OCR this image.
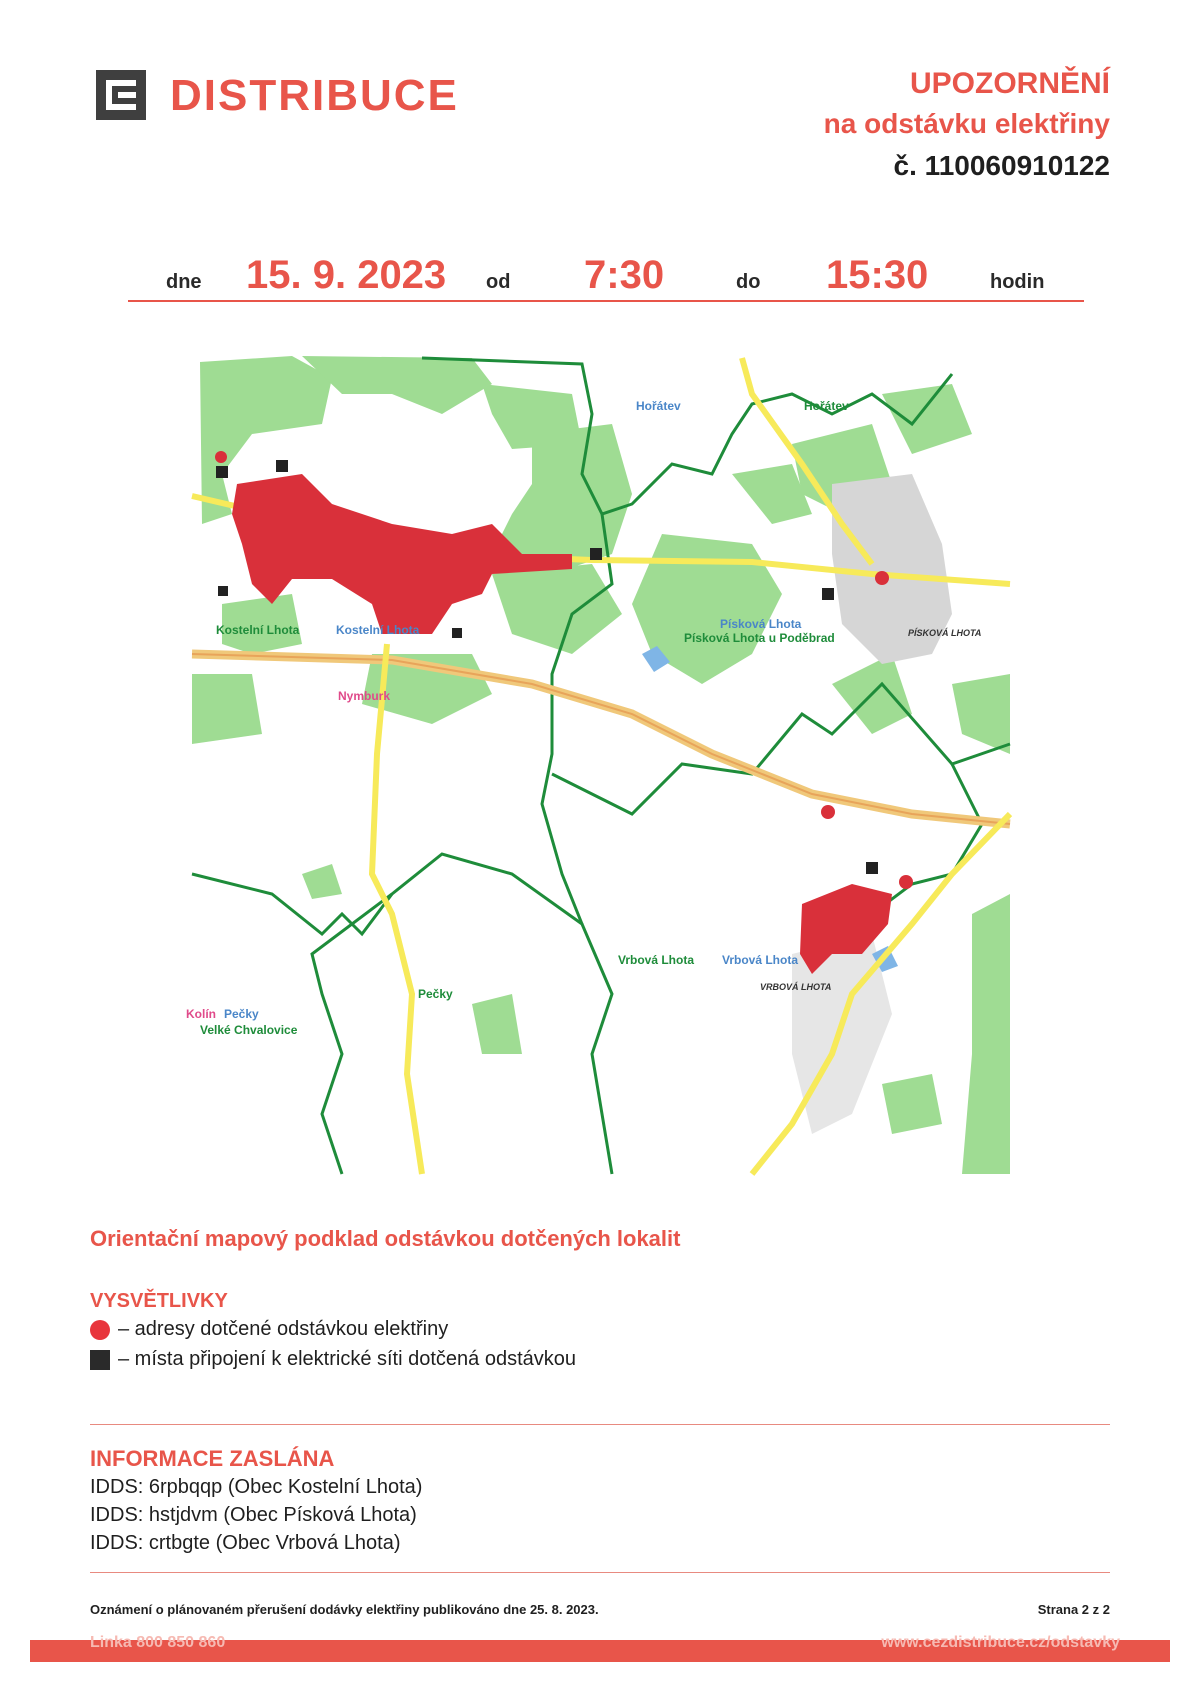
DISTRIBUCE	UPOZORNĚNÍ
na odstávku elektřiny
č. 110060910122
dne 15. 9. 2023 od 7:30	do 15:30	hodin
Hořátev	Hořátev
Kostelní Lhota	Kostelní Lhota	Písková Lhota
Písková Lhota u Poděbrad	PÍSKOVÁ LHOTA
Nymburk
Vrbová Lhota Vrbová Lhota
VRBOVÁ LHOTA
Pečky
Kolín Pečky
Velké Chvalovice
Orientační mapový podklad odstávkou dotčených lokalit
VYSVĚTLIVKY
– adresy dotčené odstávkou elektřiny
– místa připojení k elektrické síti dotčená odstávkou
INFORMACE ZASLÁNA
IDDS: 6rpbqqp (Obec Kostelní Lhota)
IDDS: hstjdvm (Obec Písková Lhota)
IDDS: crtbgte (Obec Vrbová Lhota)
Oznámení o plánovaném přerušení dodávky elektřiny publikováno dne 25. 8. 2023.	Strana 2 z 2
Linka 800 850 860	www.cezdistribuce.cz/odstavky
